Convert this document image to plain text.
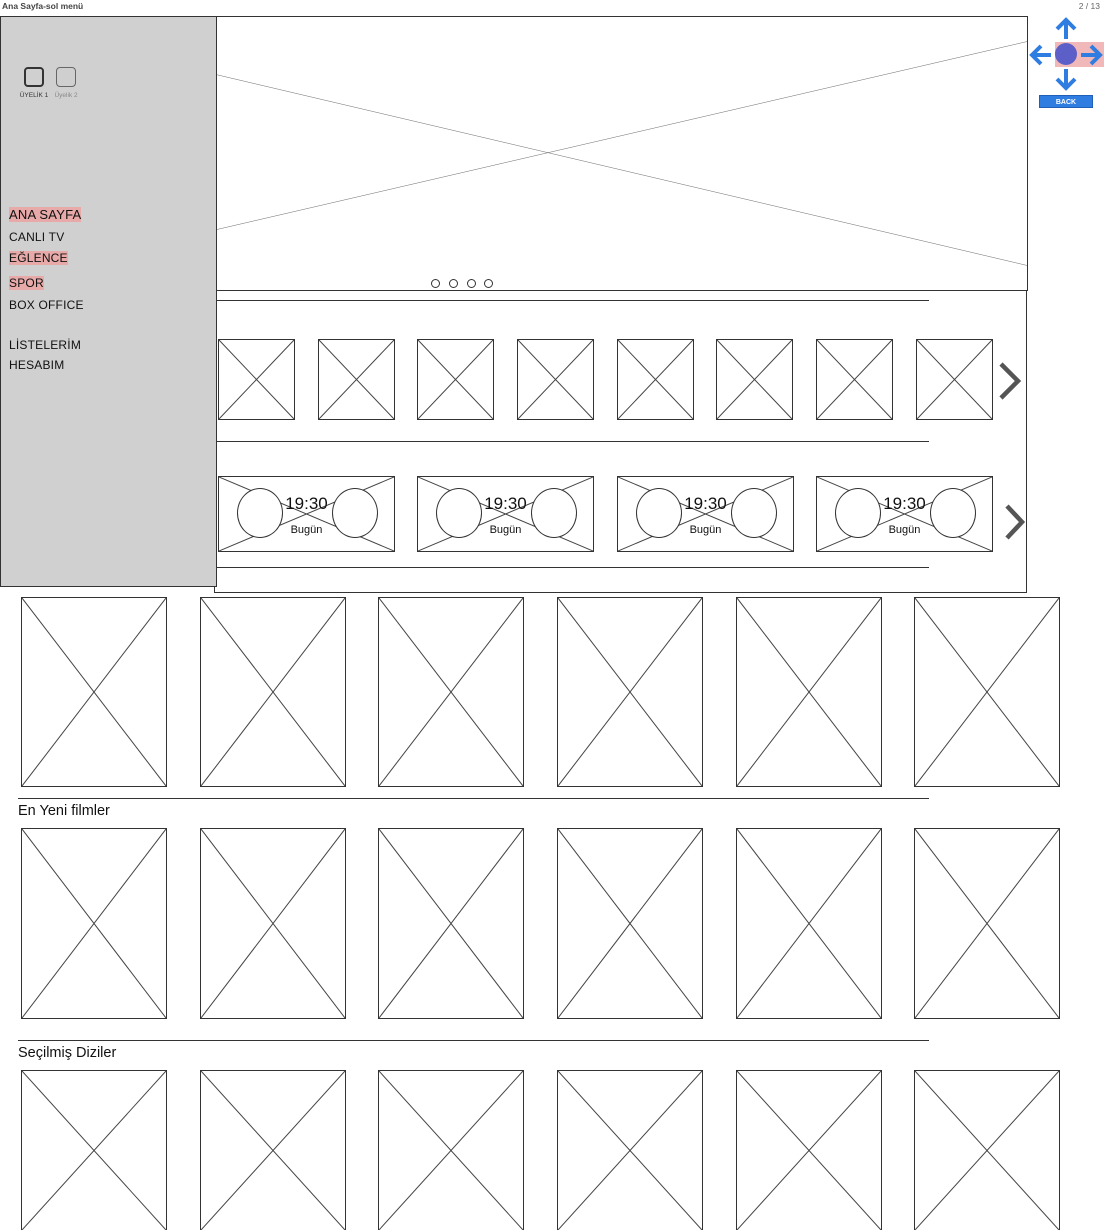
Ana Sayfa-sol menü	2 / 13
19:30
Bugün
19:30
Bugün
19:30
Bugün
19:30
Bugün
ÜYELİK 1 Üyelik 2
ANA SAYFA
CANLI TV
EĞLENCE
SPOR
BOX OFFICE
LİSTELERİM
HESABIM
BACK
En Yeni filmler
Seçilmiş Diziler
